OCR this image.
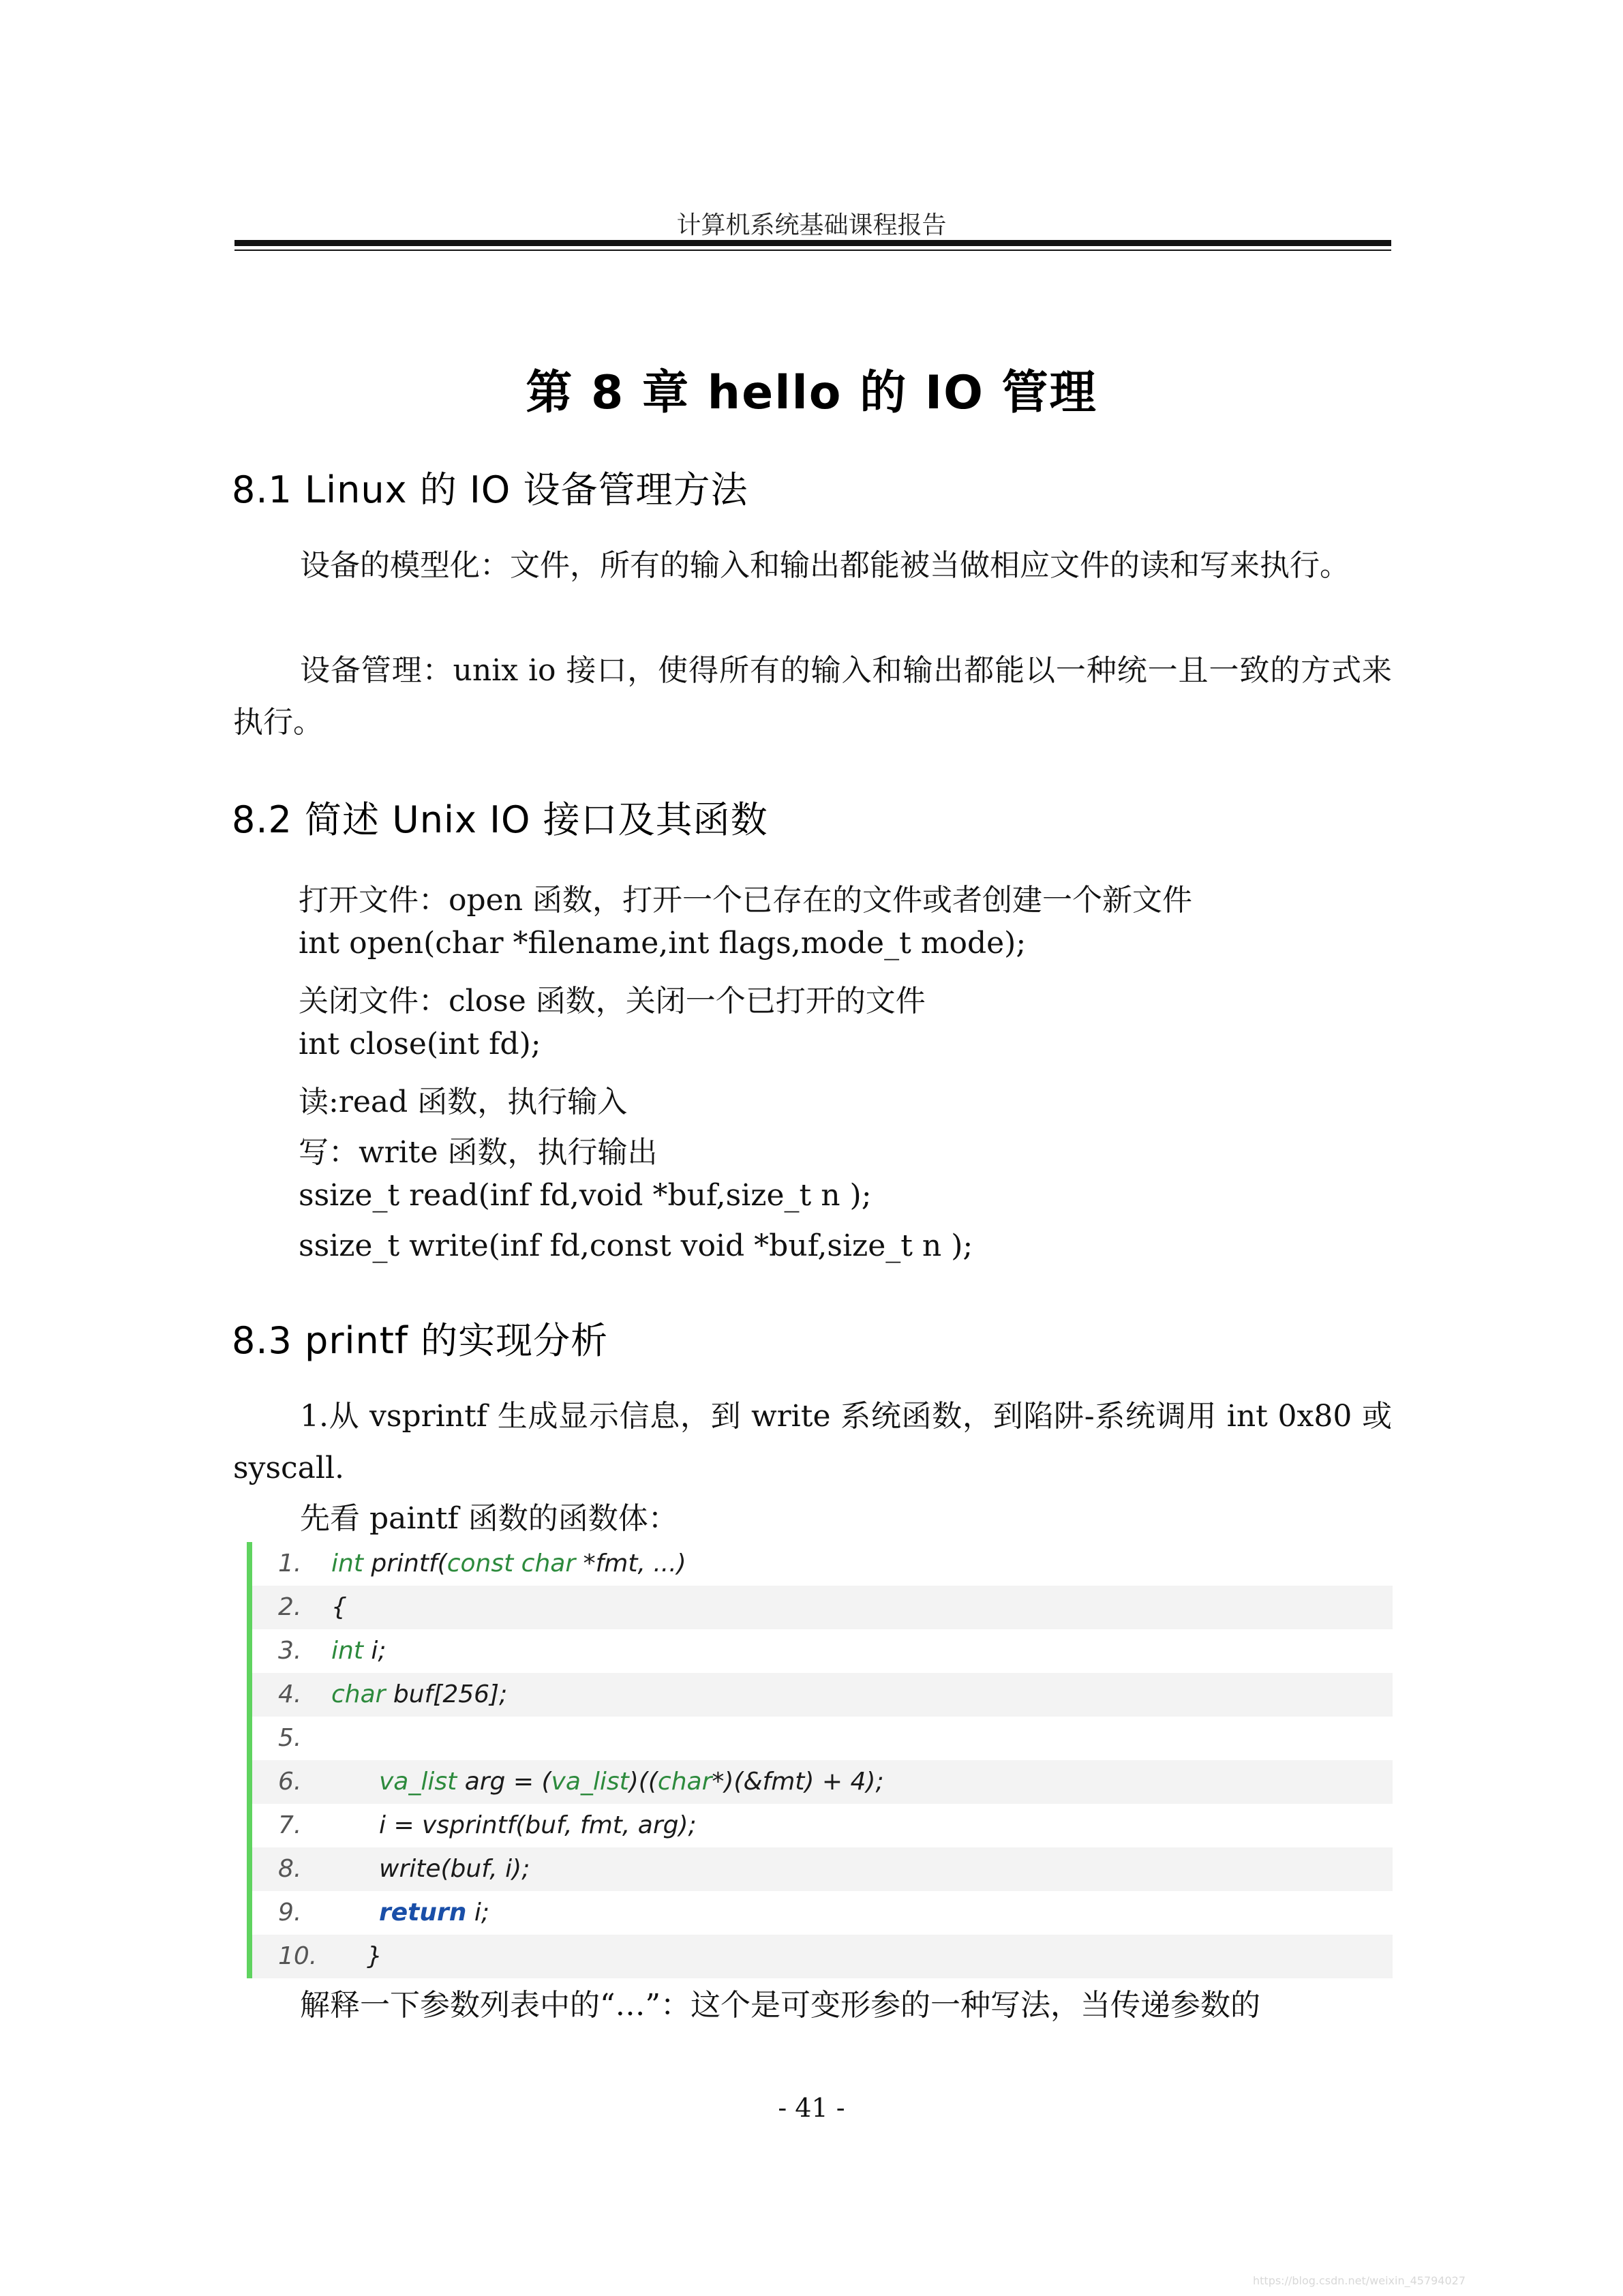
计算机系统基础课程报告
第 8 章 hello 的 IO 管理
8.1 Linux 的 IO 设备管理方法
设备的模型化：文件，所有的输入和输出都能被当做相应文件的读和写来执行。
设备管理：unix io 接口，使得所有的输入和输出都能以一种统一且一致的方式来执行。
8.2 简述 Unix IO 接口及其函数
打开文件：open 函数，打开一个已存在的文件或者创建一个新文件
int open(char *filename,int flags,mode_t mode);
关闭文件：close 函数，关闭一个已打开的文件
int close(int fd);
读:read 函数，执行输入
写：write 函数，执行输出
ssize_t read(inf fd,void *buf,size_t n );
ssize_t write(inf fd,const void *buf,size_t n );
8.3 printf 的实现分析
1.从 vsprintf 生成显示信息，到 write 系统函数，到陷阱-系统调用 int 0x80 或 syscall.
先看 paintf 函数的函数体：
1.	int printf(const char *fmt, ...)
2.	{
3.	int i;
4.	char buf[256];
5.
6.	va_list arg = (va_list)((char*)(&fmt) + 4);
7.	i = vsprintf(buf, fmt, arg);
8.	write(buf, i);
9.	return i;
10.	}
解释一下参数列表中的“…”：这个是可变形参的一种写法，当传递参数的
- 41 -
https://blog.csdn.net/weixin_45794027
